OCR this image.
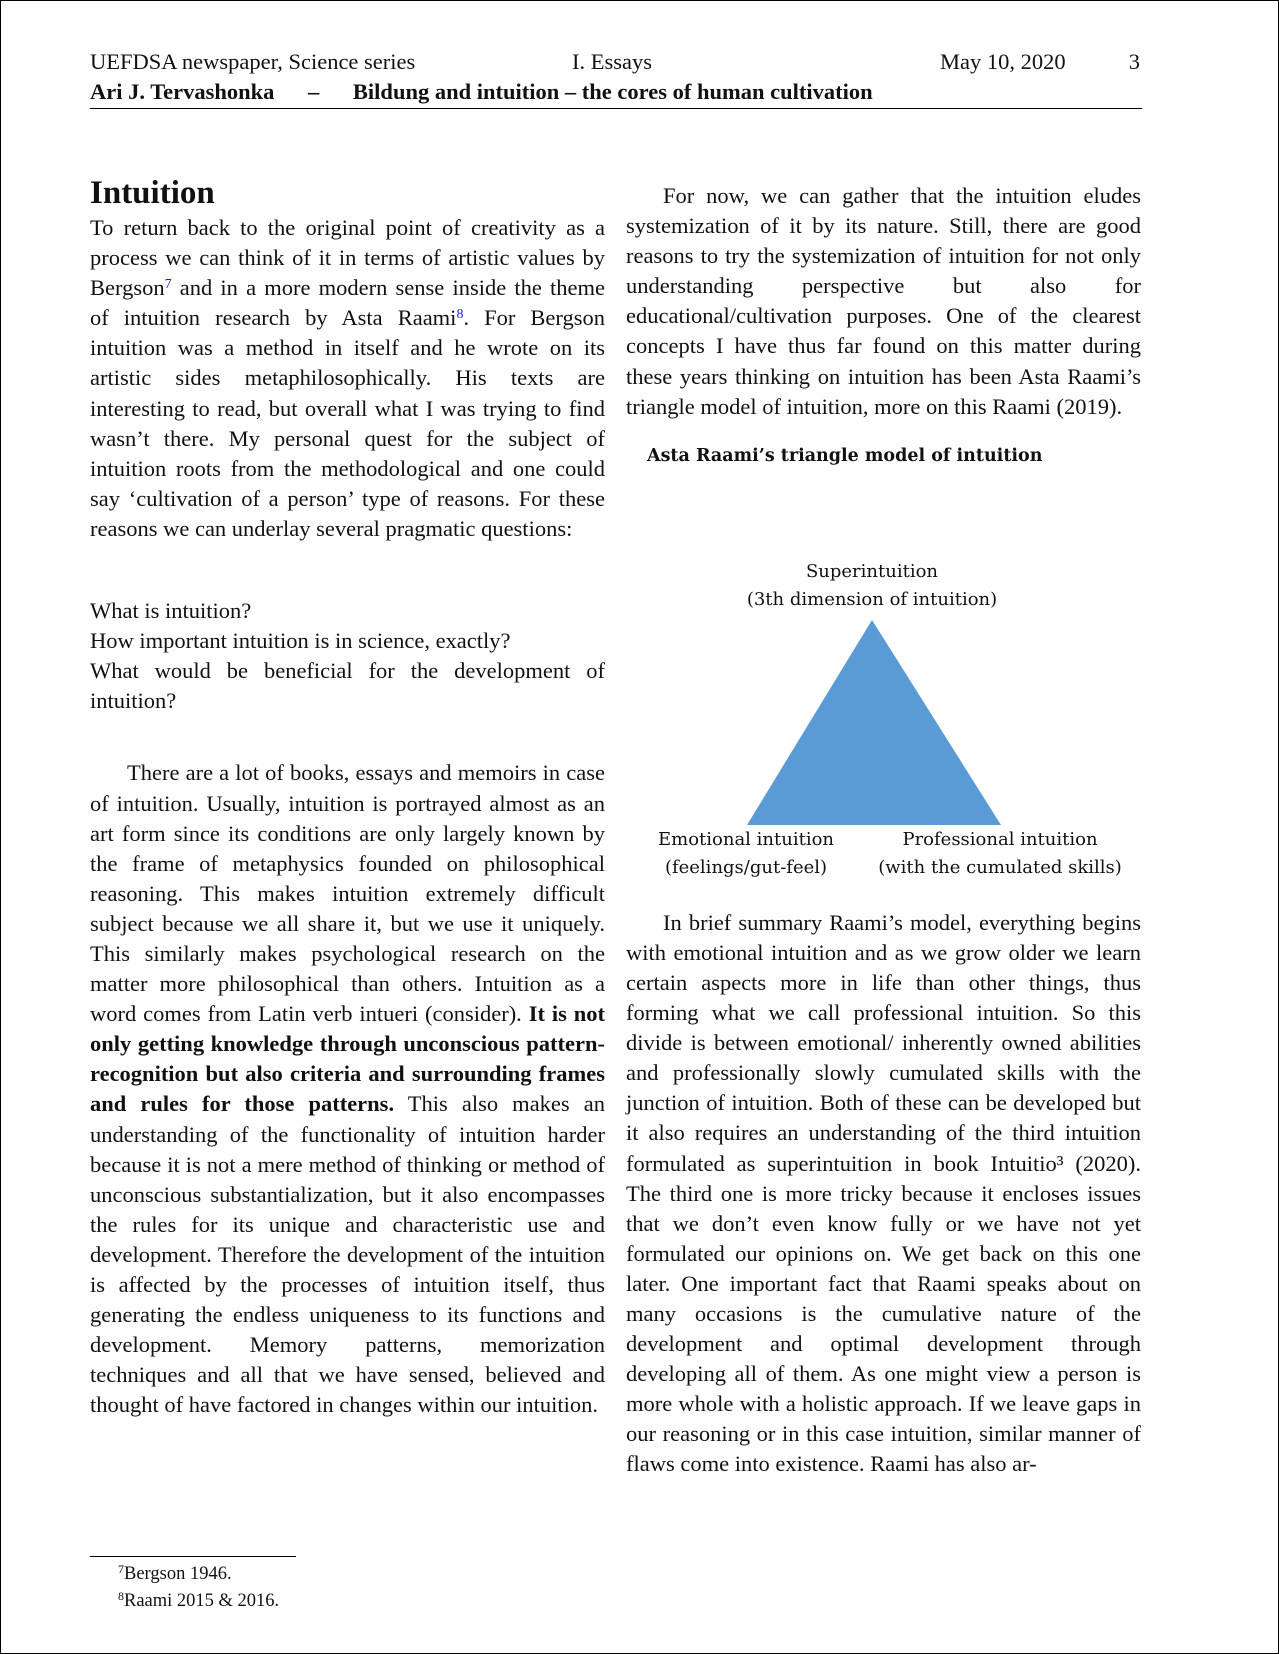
UEFDSA newspaper, Science series	I. Essays	May 10, 2020	3
Ari J. Tervashonka – Bildung and intuition – the cores of human cultivation
Intuition

To return back to the original point of creativity as a process we can think of it in terms of artistic values by Bergson$^7$ and in a more modern sense inside the theme of intuition research by Asta Raami$^8$. For Bergson intuition was a method in itself and he wrote on its artistic sides metaphilosophically. His texts are interesting to read, but overall what I was trying to find wasn’t there. My personal quest for the subject of intuition roots from the methodological and one could say ‘cultivation of a person’ type of reasons. For these reasons we can underlay several pragmatic questions:

What is intuition?

How important intuition is in science, exactly?

What would be beneficial for the development of intuition?

There are a lot of books, essays and memoirs in case of intuition. Usually, intuition is portrayed almost as an art form since its conditions are only largely known by the frame of metaphysics founded on philosophical reasoning. This makes intuition extremely difficult subject because we all share it, but we use it uniquely. This similarly makes psychological research on the matter more philosophical than others. Intuition as a word comes from Latin verb intueri (consider). It is not only getting knowledge through unconscious pattern-recognition but also criteria and surrounding frames and rules for those patterns. This also makes an understanding of the functionality of intuition harder because it is not a mere method of thinking or method of unconscious substantialization, but it also encompasses the rules for its unique and characteristic use and development. Therefore the development of the intuition is affected by the processes of intuition itself, thus generating the endless uniqueness to its functions and development. Memory patterns, memorization techniques and all that we have sensed, believed and thought of have factored in changes within our intuition.

For now, we can gather that the intuition eludes systemization of it by its nature. Still, there are good reasons to try the systemization of intuition for not only understanding perspective but also for educational/cultivation purposes. One of the clearest concepts I have thus far found on this matter during these years thinking on intuition has been Asta Raami’s triangle model of intuition, more on this Raami (2019).

Asta Raami’s triangle model of intuition
Superintuition
(3th dimension of intuition)
Emotional intuition
(feelings/gut-feel)
Professional intuition
(with the cumulated skills)

In brief summary Raami’s model, everything begins with emotional intuition and as we grow older we learn certain aspects more in life than other things, thus forming what we call professional intuition. So this divide is between emotional/ inherently owned abilities and professionally slowly cumulated skills with the junction of intuition. Both of these can be developed but it also requires an understanding of the third intuition formulated as superintuition in book Intuitio³ (2020). The third one is more tricky because it encloses issues that we don’t even know fully or we have not yet formulated our opinions on. We get back on this one later. One important fact that Raami speaks about on many occasions is the cumulative nature of the development and optimal development through developing all of them. As one might view a person is more whole with a holistic approach. If we leave gaps in our reasoning or in this case intuition, similar manner of flaws come into existence. Raami has also ar-

$^7$Bergson 1946.
$^8$Raami 2015 & 2016.
